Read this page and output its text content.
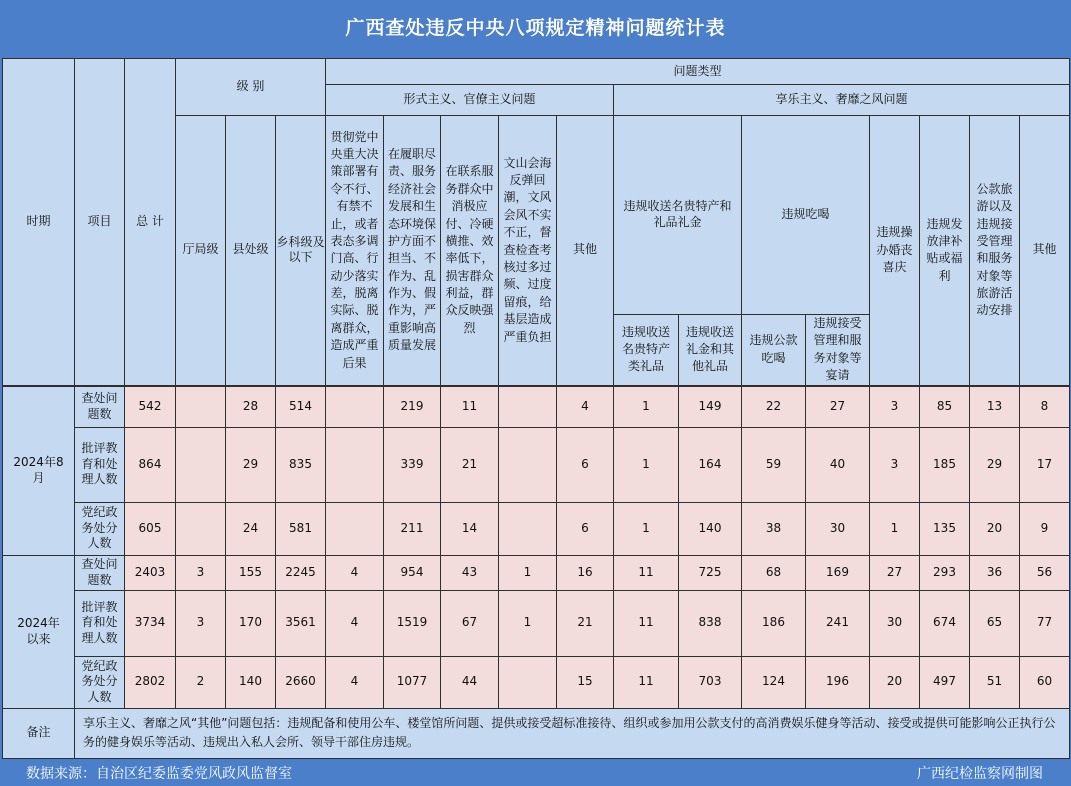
广西查处违反中央八项规定精神问题统计表
时期	项目	总 计	级 别			问题类型												
						形式主义、官僚主义问题					享乐主义、奢靡之风问题							
			厅局级	县处级	乡科级及以下	贯彻党中央重大决策部署有令不行、有禁不止，或者表态多调门高、行动少落实差，脱离实际、脱离群众，造成严重后果	在履职尽责、服务经济社会发展和生态环境保护方面不担当、不作为、乱作为、假作为，严重影响高质量发展	在联系服务群众中消极应付、冷硬横推、效率低下，损害群众利益，群众反映强烈	文山会海反弹回潮，文风会风不实不正，督查检查考核过多过频、过度留痕，给基层造成严重负担	其他	违规收送名贵特产和礼品礼金		违规吃喝		违规操办婚丧喜庆	违规发放津补贴或福利	公款旅游以及违规接受管理和服务对象等旅游活动安排	其他
											违规收送名贵特产类礼品	违规收送礼金和其他礼品	违规公款吃喝	违规接受管理和服务对象等宴请				
2024年8月	查处问题数	542		28	514		219	11		4	1	149	22	27	3	85	13	8
	批评教育和处理人数	864		29	835		339	21		6	1	164	59	40	3	185	29	17
	党纪政务处分人数	605		24	581		211	14		6	1	140	38	30	1	135	20	9
2024年以来	查处问题数	2403	3	155	2245	4	954	43	1	16	11	725	68	169	27	293	36	56
	批评教育和处理人数	3734	3	170	3561	4	1519	67	1	21	11	838	186	241	30	674	65	77
	党纪政务处分人数	2802	2	140	2660	4	1077	44		15	11	703	124	196	20	497	51	60
备注	享乐主义、奢靡之风“其他”问题包括：违规配备和使用公车、楼堂馆所问题、提供或接受超标准接待、组织或参加用公款支付的高消费娱乐健身等活动、接受或提供可能影响公正执行公务的健身娱乐等活动、违规出入私人会所、领导干部住房违规。																	
数据来源：自治区纪委监委党风政风监督室	广西纪检监察网制图
